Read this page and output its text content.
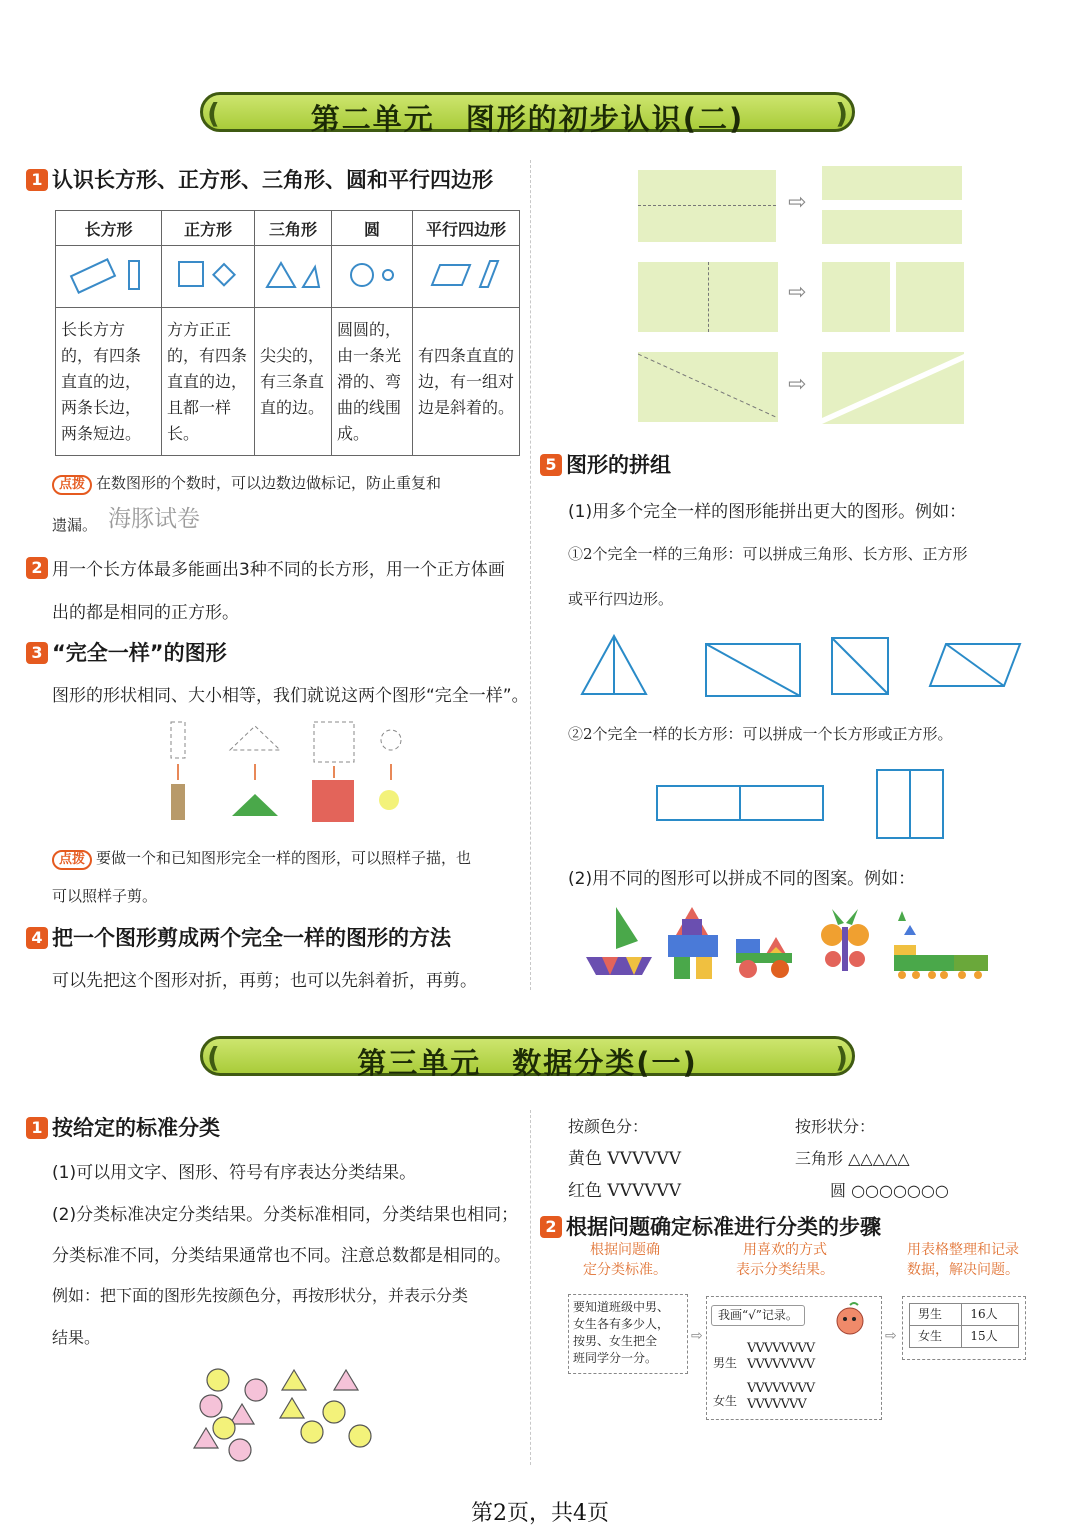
(	第二单元　图形的初步认识(二)	)
1 认识长方形、正方形、三角形、圆和平行四边形
长方形	正方形	三角形	圆	平行四边形

长长方方的，有四条直直的边，两条长边，两条短边。	方方正正的，有四条直直的边，且都一样长。	尖尖的，有三条直直的边。	圆圆的，由一条光滑的、弯曲的线围成。	有四条直直的边，有一组对边是斜着的。
点拨 在数图形的个数时，可以边数边做标记，防止重复和
遗漏。 海豚试卷
2 用一个长方体最多能画出3种不同的长方形，用一个正方体画
出的都是相同的正方形。
3 “完全一样”的图形
图形的形状相同、大小相等，我们就说这两个图形“完全一样”。
点拨 要做一个和已知图形完全一样的图形，可以照样子描，也
可以照样子剪。
4 把一个图形剪成两个完全一样的图形的方法
可以先把这个图形对折，再剪；也可以先斜着折，再剪。
⇨
⇨
⇨
5 图形的拼组
(1)用多个完全一样的图形能拼出更大的图形。例如：
①2个完全一样的三角形：可以拼成三角形、长方形、正方形
或平行四边形。
②2个完全一样的长方形：可以拼成一个长方形或正方形。
(2)用不同的图形可以拼成不同的图案。例如：
(	第三单元　数据分类(一)	)
1 按给定的标准分类
(1)可以用文字、图形、符号有序表达分类结果。
(2)分类标准决定分类结果。分类标准相同，分类结果也相同；
分类标准不同，分类结果通常也不同。注意总数都是相同的。
例如：把下面的图形先按颜色分，再按形状分，并表示分类
结果。
按颜色分：
黄色 VVVVVV
红色 VVVVVV
按形状分：
三角形 △△△△△
圆 ○○○○○○○
2 根据问题确定标准进行分类的步骤
根据问题确
定分类标准。
用喜欢的方式
表示分类结果。
用表格整理和记录
数据，解决问题。
要知道班级中男、
女生各有多少人，
按男、女生把全
班同学分一分。
⇨
我画“√”记录。
男生
VVVVVVVV
VVVVVVVV
女生
VVVVVVVV
VVVVVVV
⇨
男生	16人
女生	15人
第2页，共4页
